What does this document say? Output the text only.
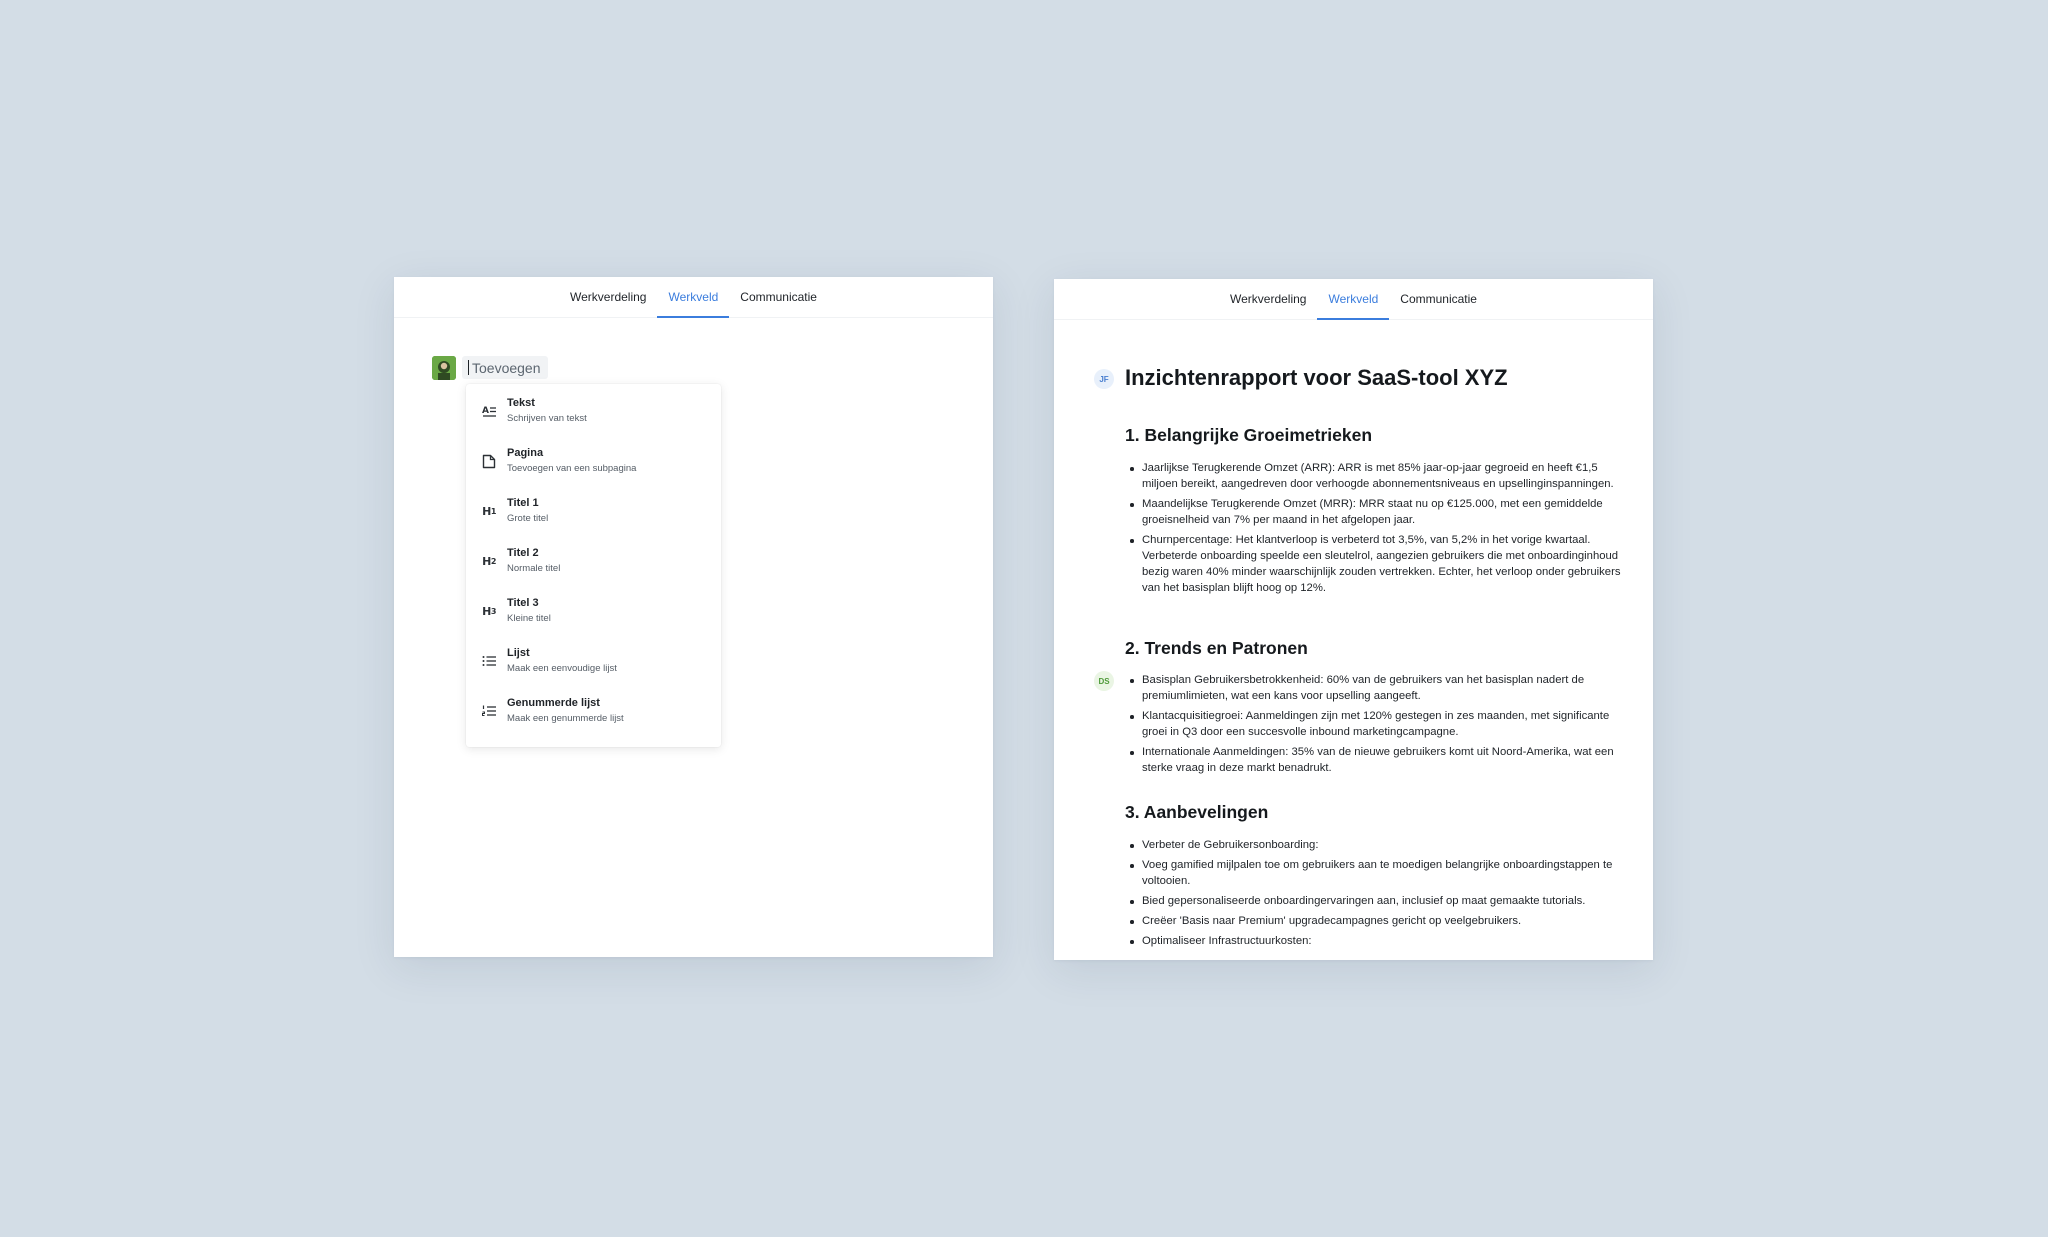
Werkverdeling	Werkveld	Communicatie
Toevoegen
A
Tekst
Schrijven van tekst
Pagina
Toevoegen van een subpagina
H 1
Titel 1
Grote titel
H 2
Titel 2
Normale titel
H 3
Titel 3
Kleine titel
Lijst
Maak een eenvoudige lijst
Genummerde lijst
Maak een genummerde lijst
Werkverdeling	Werkveld	Communicatie
JF Inzichtenrapport voor SaaS-tool XYZ
1. Belangrijke Groeimetrieken
Jaarlijkse Terugkerende Omzet (ARR): ARR is met 85% jaar-op-jaar gegroeid en heeft €1,5 miljoen bereikt, aangedreven door verhoogde abonnementsniveaus en upsellinginspanningen.
Maandelijkse Terugkerende Omzet (MRR): MRR staat nu op €125.000, met een gemiddelde groeisnelheid van 7% per maand in het afgelopen jaar.
Churnpercentage: Het klantverloop is verbeterd tot 3,5%, van 5,2% in het vorige kwartaal. Verbeterde onboarding speelde een sleutelrol, aangezien gebruikers die met onboardinginhoud bezig waren 40% minder waarschijnlijk zouden vertrekken. Echter, het verloop onder gebruikers van het basisplan blijft hoog op 12%.
2. Trends en Patronen
DS	Basisplan Gebruikersbetrokkenheid: 60% van de gebruikers van het basisplan nadert de premiumlimieten, wat een kans voor upselling aangeeft.
Klantacquisitiegroei: Aanmeldingen zijn met 120% gestegen in zes maanden, met significante groei in Q3 door een succesvolle inbound marketingcampagne.
Internationale Aanmeldingen: 35% van de nieuwe gebruikers komt uit Noord-Amerika, wat een sterke vraag in deze markt benadrukt.
3. Aanbevelingen
Verbeter de Gebruikersonboarding:
Voeg gamified mijlpalen toe om gebruikers aan te moedigen belangrijke onboardingstappen te voltooien.
Bied gepersonaliseerde onboardingervaringen aan, inclusief op maat gemaakte tutorials.
Creëer 'Basis naar Premium' upgradecampagnes gericht op veelgebruikers.
Optimaliseer Infrastructuurkosten:
